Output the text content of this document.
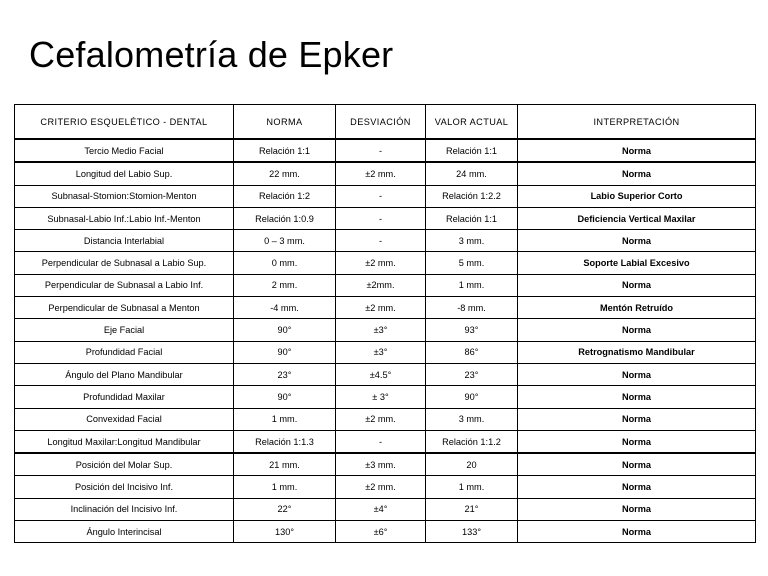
Cefalometría de Epker
CRITERIO ESQUELÉTICO - DENTAL	NORMA	DESVIACIÓN	VALOR ACTUAL	INTERPRETACIÓN
Tercio Medio Facial	Relación 1:1	-	Relación 1:1	Norma
Longitud del Labio Sup.	22 mm.	±2 mm.	24 mm.	Norma
Subnasal-Stomion:Stomion-Menton	Relación 1:2	-	Relación 1:2.2	Labio Superior Corto
Subnasal-Labio Inf.:Labio Inf.-Menton	Relación 1:0.9	-	Relación 1:1	Deficiencia Vertical Maxilar
Distancia Interlabial	0 – 3 mm.	-	3 mm.	Norma
Perpendicular de Subnasal a Labio Sup.	0 mm.	±2 mm.	5 mm.	Soporte Labial Excesivo
Perpendicular de Subnasal a Labio Inf.	2 mm.	±2mm.	1 mm.	Norma
Perpendicular de Subnasal a Menton	-4 mm.	±2 mm.	-8 mm.	Mentón Retruído
Eje Facial	90°	±3°	93°	Norma
Profundidad Facial	90°	±3°	86°	Retrognatismo Mandibular
Ángulo del Plano Mandibular	23°	±4.5°	23°	Norma
Profundidad Maxilar	90°	± 3°	90°	Norma
Convexidad Facial	1 mm.	±2 mm.	3 mm.	Norma
Longitud Maxilar:Longitud Mandibular	Relación 1:1.3	-	Relación 1:1.2	Norma
Posición del Molar Sup.	21 mm.	±3 mm.	20	Norma
Posición del Incisivo Inf.	1 mm.	±2 mm.	1 mm.	Norma
Inclinación del Incisivo Inf.	22°	±4°	21°	Norma
Ángulo Interincisal	130°	±6°	133°	Norma
